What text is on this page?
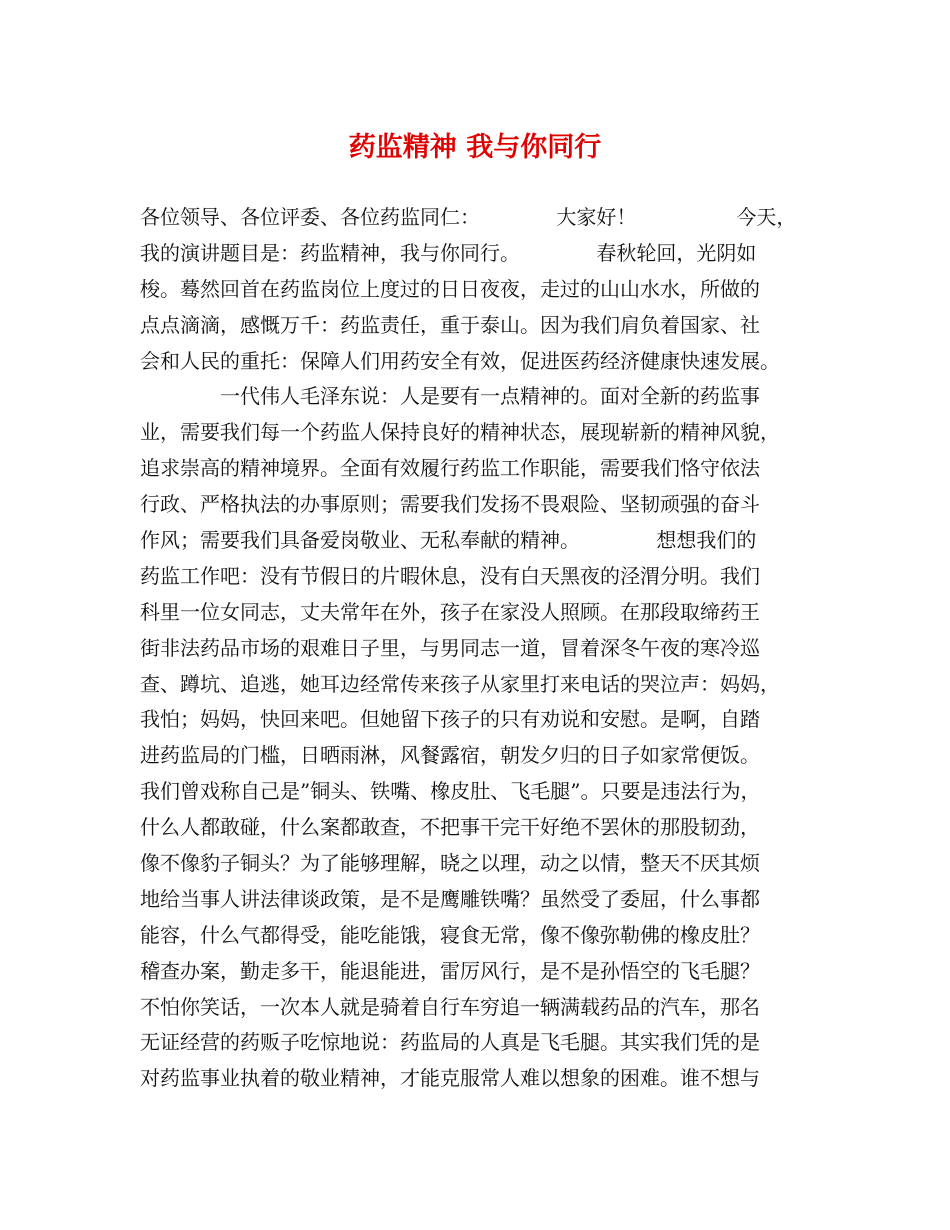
药监精神 我与你同行
各位领导、各位评委、各位药监同仁：　　　　 大家好！　　　　　今天，
我的演讲题目是：药监精神，我与你同行。　　　　 春秋轮回，光阴如
梭。蓦然回首在药监岗位上度过的日日夜夜，走过的山山水水，所做的
点点滴滴，感慨万千：药监责任，重于泰山。因为我们肩负着国家、社
会和人民的重托：保障人们用药安全有效，促进医药经济健康快速发展。
　　　　一代伟人毛泽东说：人是要有一点精神的。面对全新的药监事
业，需要我们每一个药监人保持良好的精神状态，展现崭新的精神风貌，
追求崇高的精神境界。全面有效履行药监工作职能，需要我们恪守依法
行政、严格执法的办事原则；需要我们发扬不畏艰险、坚韧顽强的奋斗
作风；需要我们具备爱岗敬业、无私奉献的精神。　　　　 想想我们的
药监工作吧：没有节假日的片暇休息，没有白天黑夜的泾渭分明。我们
科里一位女同志，丈夫常年在外，孩子在家没人照顾。在那段取缔药王
街非法药品市场的艰难日子里，与男同志一道，冒着深冬午夜的寒冷巡
查、蹲坑、追逃，她耳边经常传来孩子从家里打来电话的哭泣声：妈妈，
我怕；妈妈，快回来吧。但她留下孩子的只有劝说和安慰。是啊，自踏
进药监局的门槛，日晒雨淋，风餐露宿，朝发夕归的日子如家常便饭。
我们曾戏称自己是”铜头、铁嘴、橡皮肚、飞毛腿”。只要是违法行为，
什么人都敢碰，什么案都敢查，不把事干完干好绝不罢休的那股韧劲，
像不像豹子铜头？为了能够理解，晓之以理，动之以情，整天不厌其烦
地给当事人讲法律谈政策，是不是鹰雕铁嘴？虽然受了委屈，什么事都
能容，什么气都得受，能吃能饿，寝食无常，像不像弥勒佛的橡皮肚？
稽查办案，勤走多干，能退能进，雷厉风行，是不是孙悟空的飞毛腿？
不怕你笑话，一次本人就是骑着自行车穷追一辆满载药品的汽车，那名
无证经营的药贩子吃惊地说：药监局的人真是飞毛腿。其实我们凭的是
对药监事业执着的敬业精神，才能克服常人难以想象的困难。谁不想与
